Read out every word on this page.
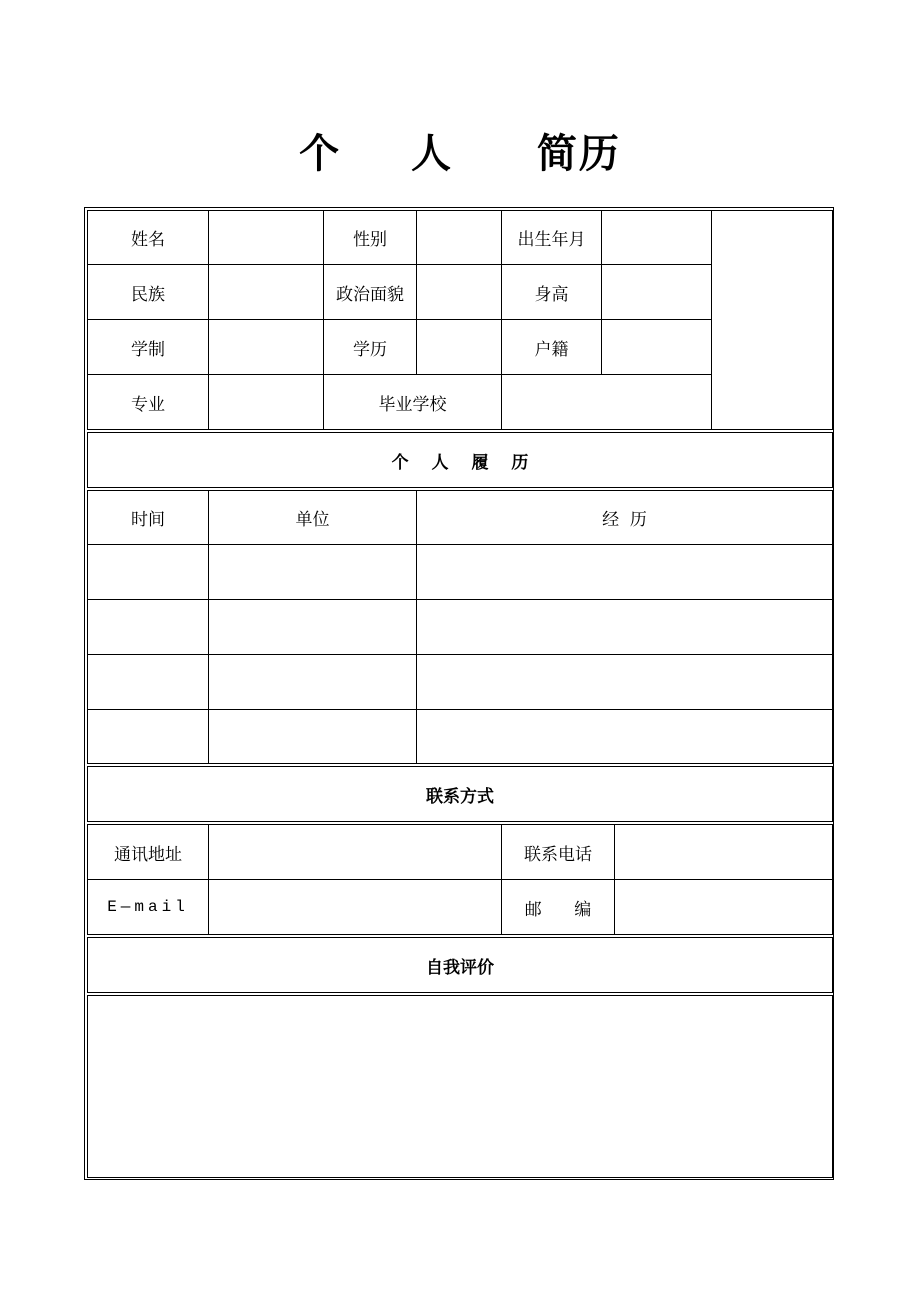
个 人 简历
姓名	性别	出生年月
民族	政治面貌	身高
学制	学历	户籍
专业	毕业学校
个　 人　 履　 历
时间	单位	经  历
联系方式
通讯地址	联系电话
E—mail	邮      编
自我评价
